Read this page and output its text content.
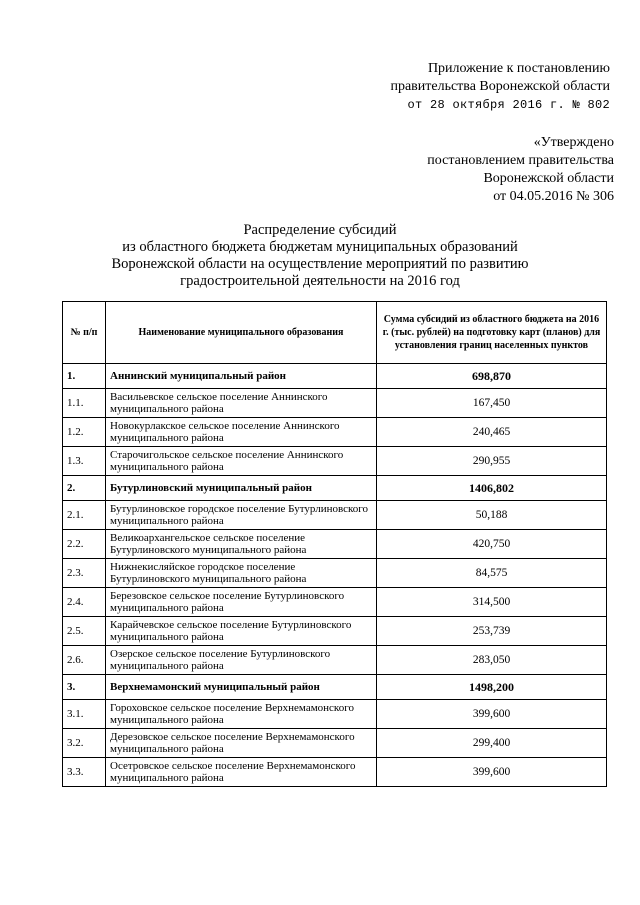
Приложение к постановлению
правительства Воронежской области
от 28 октября 2016 г. № 802
«Утверждено
постановлением правительства
Воронежской области
от 04.05.2016 № 306
Распределение субсидий
из областного бюджета бюджетам муниципальных образований
Воронежской области на осуществление мероприятий по развитию
градостроительной деятельности на 2016 год
№ п/п	Наименование муниципального образования	Сумма субсидий из областного бюджета на 2016 г. (тыс. рублей) на подготовку карт (планов) для установления границ населенных пунктов
1.	Аннинский муниципальный район	698,870
1.1.	Васильевское сельское поселение Аннинского муниципального района	167,450
1.2.	Новокурлакское сельское поселение Аннинского муниципального района	240,465
1.3.	Старочигольское сельское поселение Аннинского муниципального района	290,955
2.	Бутурлиновский муниципальный район	1406,802
2.1.	Бутурлиновское городское поселение Бутурлиновского муниципального района	50,188
2.2.	Великоархангельское сельское поселение Бутурлиновского муниципального района	420,750
2.3.	Нижнекисляйское городское поселение Бутурлиновского муниципального района	84,575
2.4.	Березовское сельское поселение Бутурлиновского муниципального района	314,500
2.5.	Карайчевское сельское поселение Бутурлиновского муниципального района	253,739
2.6.	Озерское сельское поселение Бутурлиновского муниципального района	283,050
3.	Верхнемамонский муниципальный район	1498,200
3.1.	Гороховское сельское поселение Верхнемамонского муниципального района	399,600
3.2.	Дерезовское сельское поселение Верхнемамонского муниципального района	299,400
3.3.	Осетровское сельское поселение Верхнемамонского муниципального района	399,600
